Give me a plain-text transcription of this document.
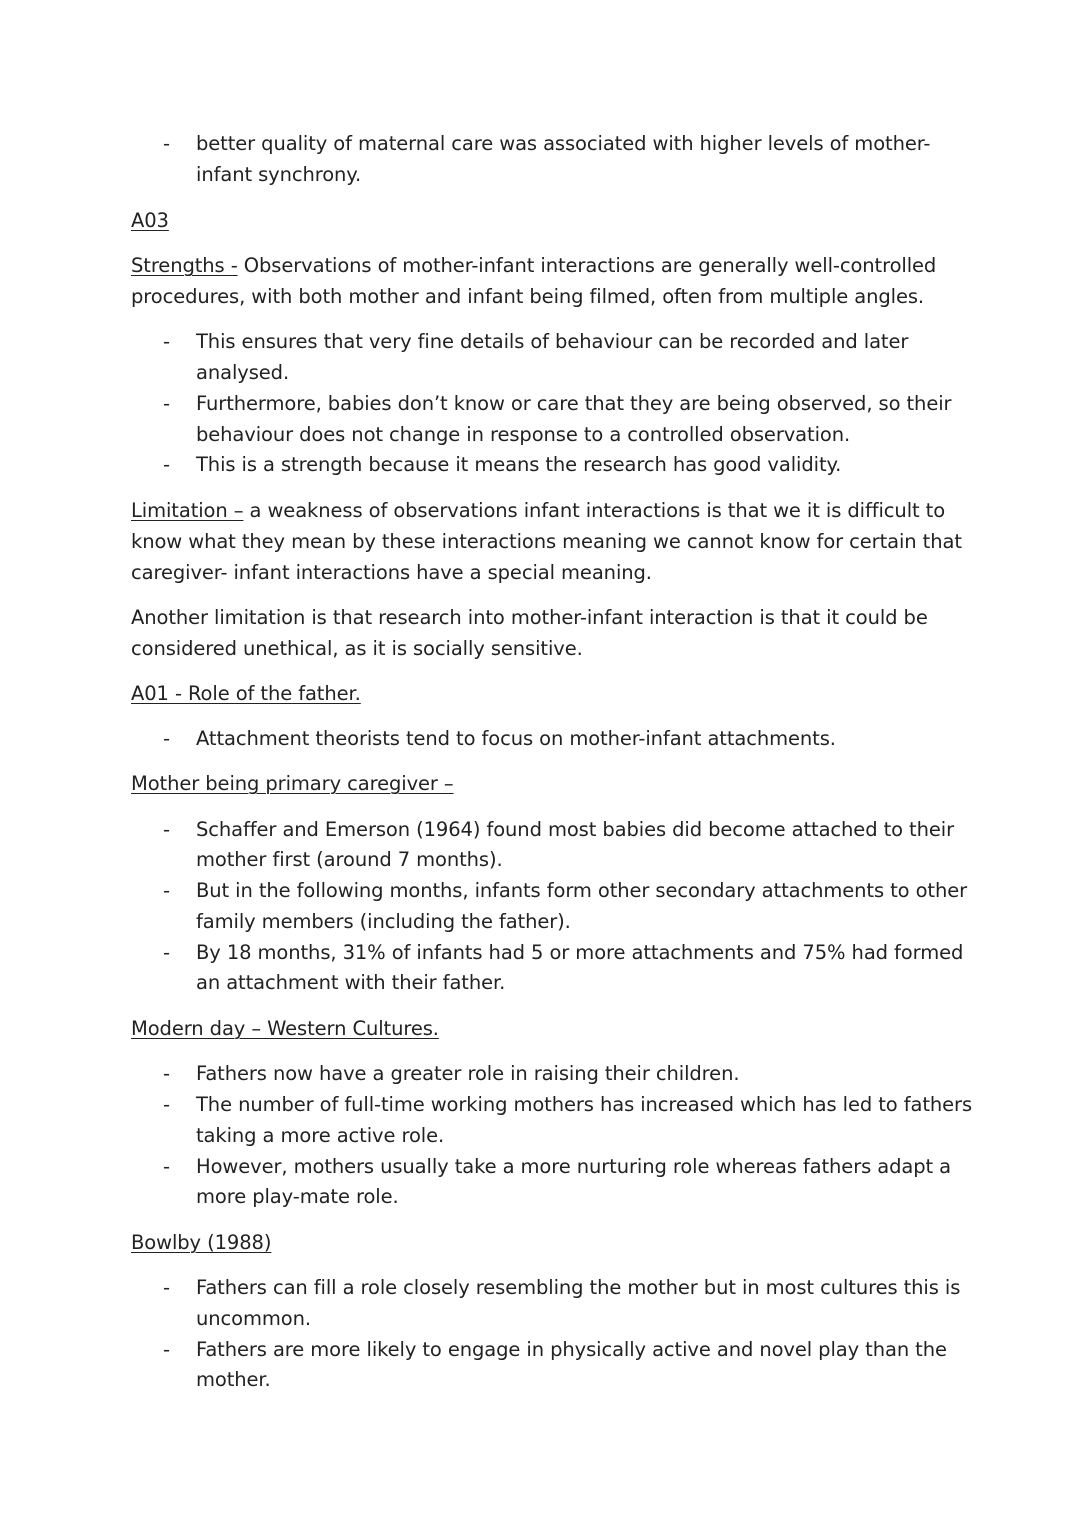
- better quality of maternal care was associated with higher levels of mother-
infant synchrony.
A03
Strengths - Observations of mother-infant interactions are generally well-controlled
procedures, with both mother and infant being filmed, often from multiple angles.
- This ensures that very fine details of behaviour can be recorded and later
analysed.
- Furthermore, babies don’t know or care that they are being observed, so their
behaviour does not change in response to a controlled observation.
- This is a strength because it means the research has good validity.
Limitation – a weakness of observations infant interactions is that we it is difficult to
know what they mean by these interactions meaning we cannot know for certain that
caregiver- infant interactions have a special meaning.
Another limitation is that research into mother-infant interaction is that it could be
considered unethical, as it is socially sensitive.
A01 - Role of the father.
- Attachment theorists tend to focus on mother-infant attachments.
Mother being primary caregiver –
- Schaffer and Emerson (1964) found most babies did become attached to their
mother first (around 7 months).
- But in the following months, infants form other secondary attachments to other
family members (including the father).
- By 18 months, 31% of infants had 5 or more attachments and 75% had formed
an attachment with their father.
Modern day – Western Cultures.
- Fathers now have a greater role in raising their children.
- The number of full-time working mothers has increased which has led to fathers
taking a more active role.
- However, mothers usually take a more nurturing role whereas fathers adapt a
more play-mate role.
Bowlby (1988)
- Fathers can fill a role closely resembling the mother but in most cultures this is
uncommon.
- Fathers are more likely to engage in physically active and novel play than the
mother.
